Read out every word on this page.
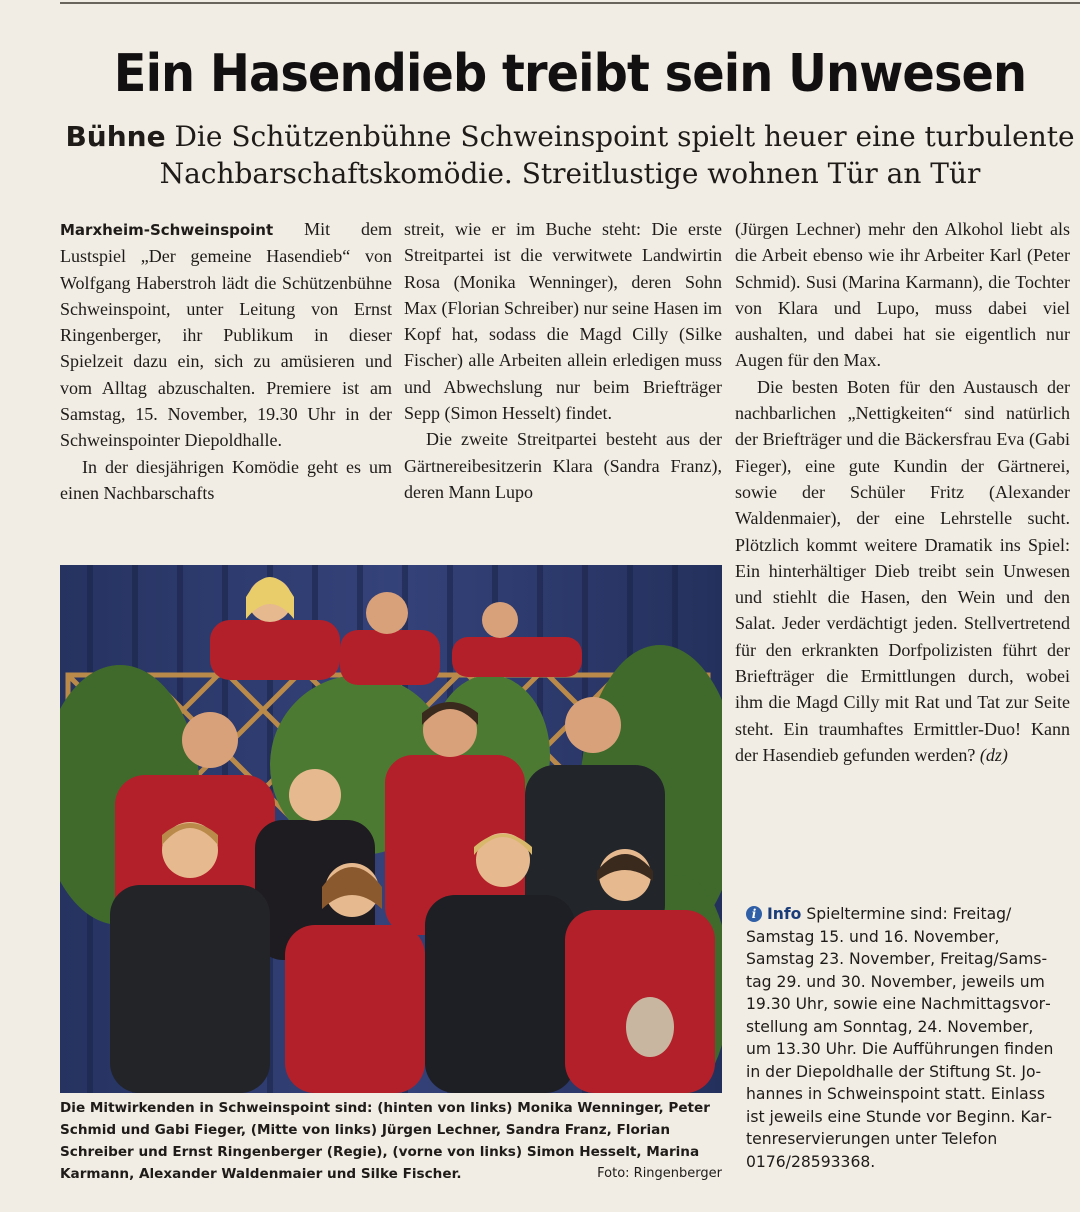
Ein Hasendieb treibt sein Unwesen
Bühne Die Schützenbühne Schweinspoint spielt heuer eine turbulente Nachbarschaftskomödie. Streitlustige wohnen Tür an Tür

Marxheim-Schweinspoint Mit dem Lustspiel „Der gemeine Hasendieb“ von Wolfgang Haberstroh lädt die Schützenbühne Schweinspoint, unter Leitung von Ernst Ringenberger, ihr Publikum in dieser Spielzeit dazu ein, sich zu amüsieren und vom Alltag abzuschalten. Premiere ist am Samstag, 15. November, 19.30 Uhr in der Schweinspointer Diepoldhalle.

In der diesjährigen Komödie geht es um einen Nachbarschafts

streit, wie er im Buche steht: Die erste Streitpartei ist die verwitwete Landwirtin Rosa (Monika Wenninger), deren Sohn Max (Florian Schreiber) nur seine Hasen im Kopf hat, sodass die Magd Cilly (Silke Fischer) alle Arbeiten allein erledigen muss und Abwechslung nur beim Briefträger Sepp (Simon Hesselt) findet.

Die zweite Streitpartei besteht aus der Gärtnereibesitzerin Klara (Sandra Franz), deren Mann Lupo

(Jürgen Lechner) mehr den Alkohol liebt als die Arbeit ebenso wie ihr Arbeiter Karl (Peter Schmid). Susi (Marina Karmann), die Tochter von Klara und Lupo, muss dabei viel aushalten, und dabei hat sie eigentlich nur Augen für den Max.

Die besten Boten für den Austausch der nachbarlichen „Nettigkeiten“ sind natürlich der Briefträger und die Bäckersfrau Eva (Gabi Fieger), eine gute Kundin der Gärtnerei, sowie der Schüler Fritz (Alexander Waldenmaier), der eine Lehrstelle sucht. Plötzlich kommt weitere Dramatik ins Spiel: Ein hinterhältiger Dieb treibt sein Unwesen und stiehlt die Hasen, den Wein und den Salat. Jeder verdächtigt jeden. Stellvertretend für den erkrankten Dorfpolizisten führt der Briefträger die Ermittlungen durch, wobei ihm die Magd Cilly mit Rat und Tat zur Seite steht. Ein traumhaftes Ermittler-Duo! Kann der Hasendieb gefunden werden? (dz)

Die Mitwirkenden in Schweinspoint sind: (hinten von links) Monika Wenninger, Peter Schmid und Gabi Fieger, (Mitte von links) Jürgen Lechner, Sandra Franz, Florian Schreiber und Ernst Ringenberger (Regie), (vorne von links) Simon Hesselt, Marina Karmann, Alexander Waldenmaier und Silke Fischer.	Foto: Ringenberger
i Info Spieltermine sind: Freitag/ Samstag 15. und 16. November, Samstag 23. November, Freitag/Samstag 29. und 30. November, jeweils um 19.30 Uhr, sowie eine Nachmittagsvorstellung am Sonntag, 24. November, um 13.30 Uhr. Die Aufführungen finden in der Diepoldhalle der Stiftung St. Johannes in Schweinspoint statt. Einlass ist jeweils eine Stunde vor Beginn. Kartenreservierungen unter Telefon 0176/28593368.
